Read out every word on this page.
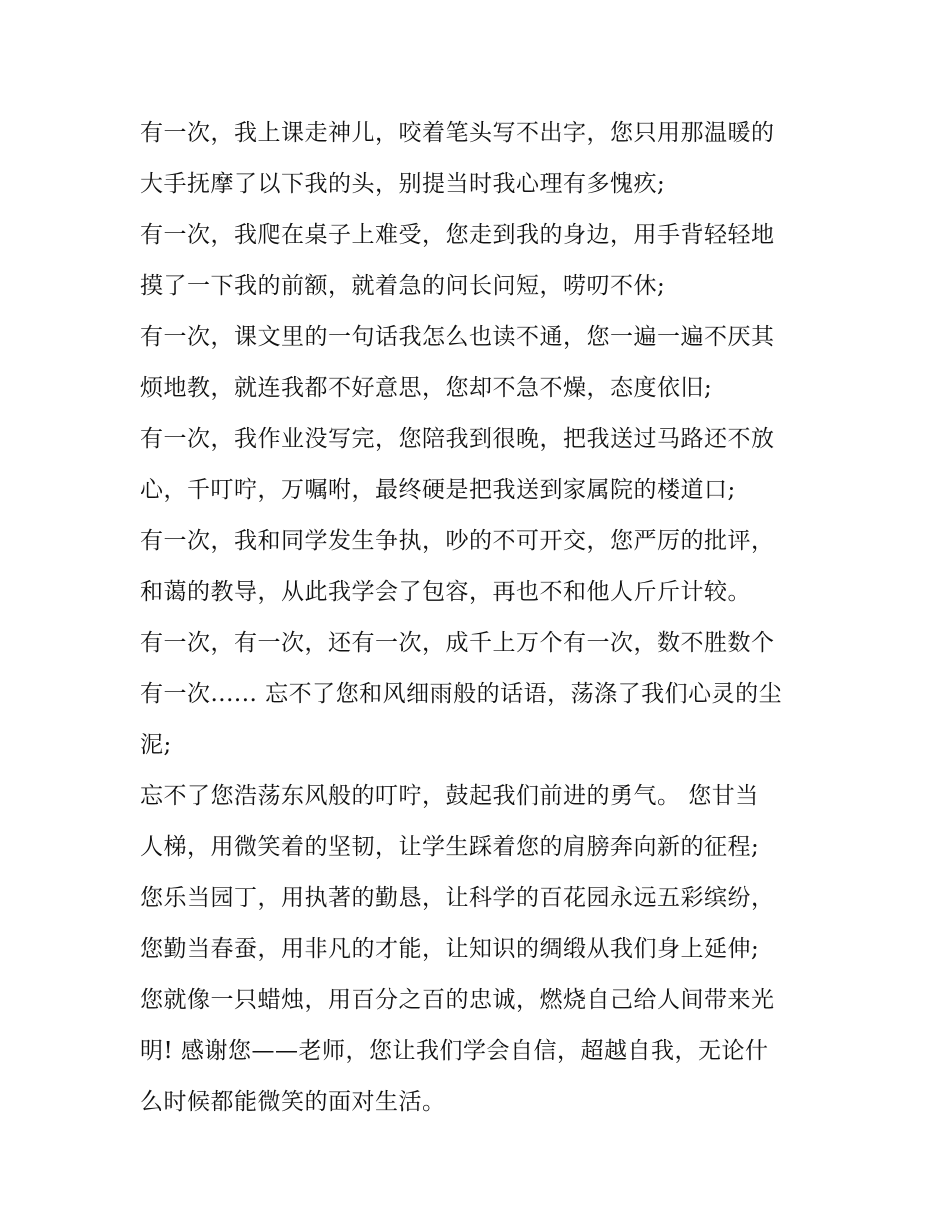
有一次，我上课走神儿，咬着笔头写不出字，您只用那温暖的
大手抚摩了以下我的头，别提当时我心理有多愧疚;
有一次，我爬在桌子上难受，您走到我的身边，用手背轻轻地
摸了一下我的前额，就着急的问长问短，唠叨不休;
有一次，课文里的一句话我怎么也读不通，您一遍一遍不厌其
烦地教，就连我都不好意思，您却不急不燥，态度依旧;
有一次，我作业没写完，您陪我到很晚，把我送过马路还不放
心，千叮咛，万嘱咐，最终硬是把我送到家属院的楼道口;
有一次，我和同学发生争执，吵的不可开交，您严厉的批评，
和蔼的教导，从此我学会了包容，再也不和他人斤斤计较。
有一次，有一次，还有一次，成千上万个有一次，数不胜数个
有一次...... 忘不了您和风细雨般的话语，荡涤了我们心灵的尘
泥;
忘不了您浩荡东风般的叮咛，鼓起我们前进的勇气。 您甘当
人梯，用微笑着的坚韧，让学生踩着您的肩膀奔向新的征程;
您乐当园丁，用执著的勤恳，让科学的百花园永远五彩缤纷，
您勤当春蚕，用非凡的才能，让知识的绸缎从我们身上延伸;
您就像一只蜡烛，用百分之百的忠诚，燃烧自己给人间带来光
明! 感谢您——老师，您让我们学会自信，超越自我，无论什
么时候都能微笑的面对生活。
